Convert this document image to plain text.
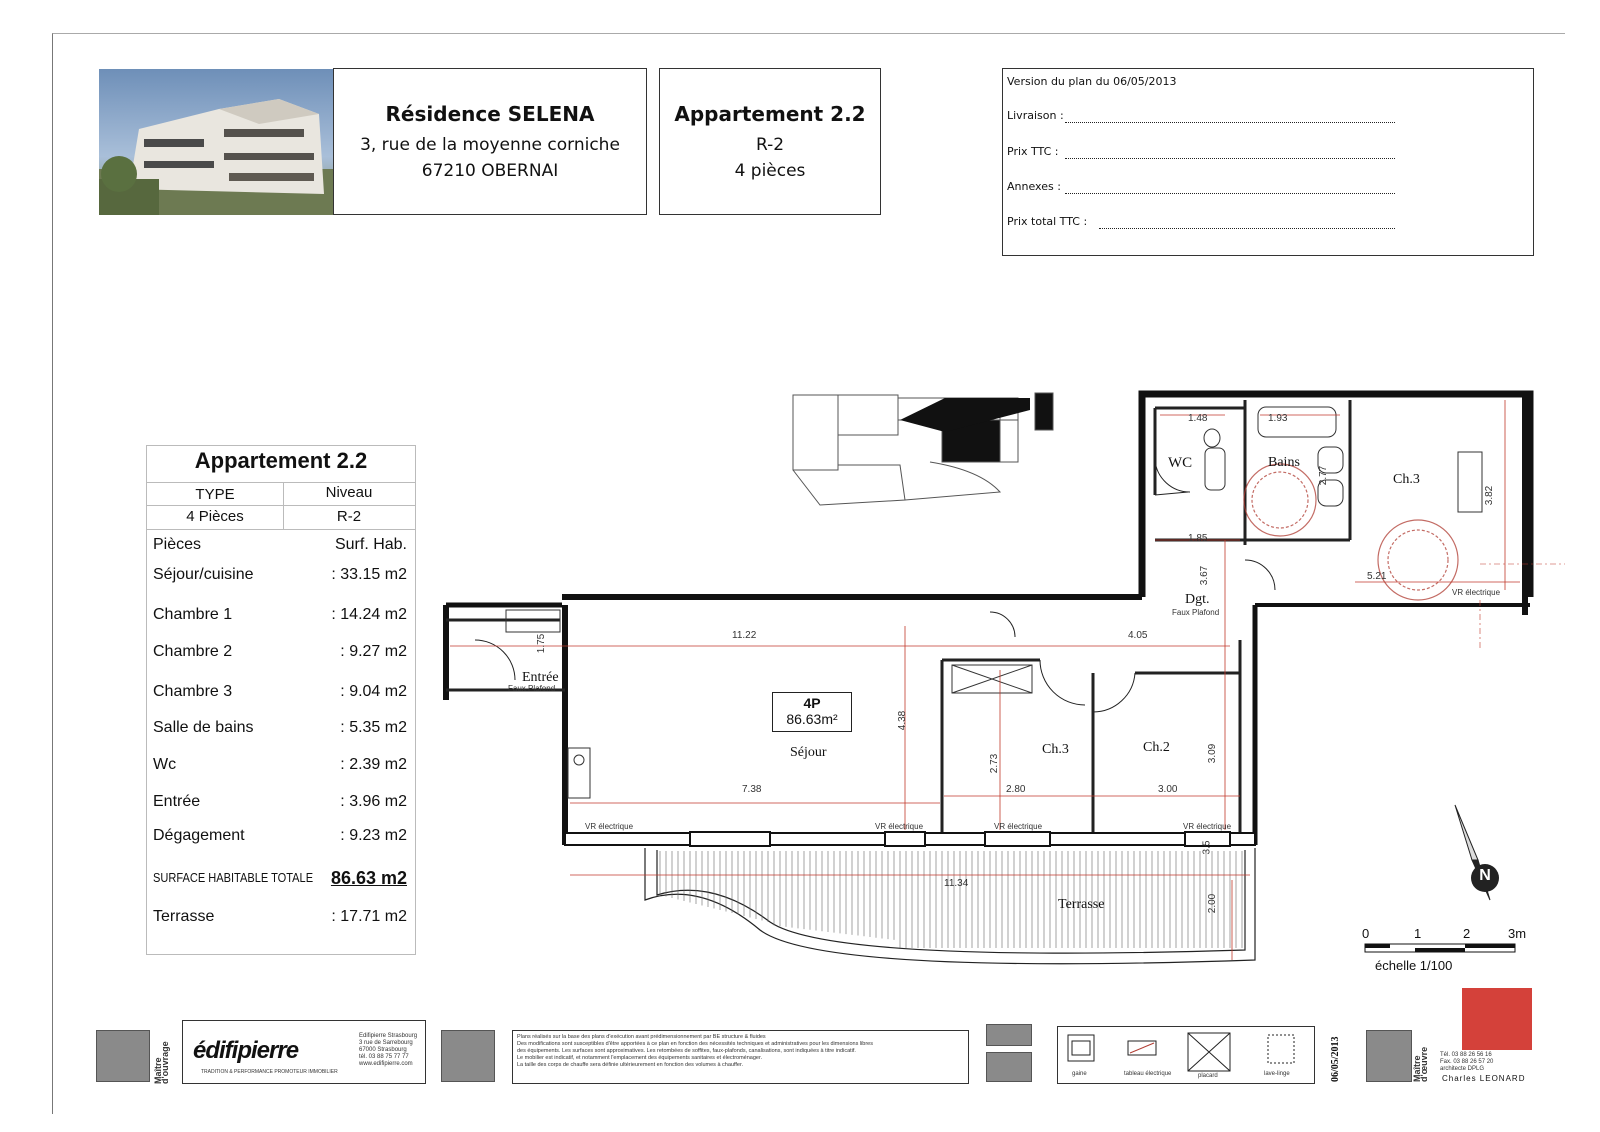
Résidence SELENA
3, rue de la moyenne corniche
67210 OBERNAI
Appartement 2.2
R-2
4 pièces
Version du plan du 06/05/2013
Livraison :
Prix TTC :
Annexes :
Prix total TTC :
Appartement 2.2
TYPE	Niveau
4 Pièces	R-2
Pièces	Surf. Hab.
Séjour/cuisine	: 33.15 m2
Chambre 1	: 14.24 m2
Chambre 2	: 9.27 m2
Chambre 3	: 9.04 m2
Salle de bains	: 5.35 m2
Wc	: 2.39 m2
Entrée	: 3.96 m2
Dégagement	: 9.23 m2
SURFACE HABITABLE TOTALE 86.63 m2
Terrasse	: 17.71 m2
WC	Bains
Ch.3
Dgt.
Faux Plafond
Entrée
Faux Plafond
Séjour	Ch.3	Ch.2
Terrasse
4P
86.63m²
1.48	1.93
1.85
3.67
2.77
3.82
5.21
11.22	4.05
1.75
4.38
2.73
3.09
7.38	2.80	3.00
11.34
2.00
3.5
VR électrique	VR électrique	VR électrique	VR électrique
VR électrique
N
0	1	2	3m
échelle 1/100
Maître d'ouvrage édifipierre
TRADITION & PERFORMANCE PROMOTEUR IMMOBILIER
Edifipierre Strasbourg
3 rue de Sarrebourg
67000 Strasbourg
tél. 03 88 75 77 77
www.edifipierre.com
Plans réalisés sur la base des plans d'exécution avant prédimensionnement par BE structure & fluides
Des modifications sont susceptibles d'être apportées à ce plan en fonction des nécessités techniques et administratives pour les dimensions libres
des équipements. Les surfaces sont approximatives. Les retombées de soffites, faux-plafonds, canalisations, sont indiquées à titre indicatif.
Le mobilier est indicatif, et notamment l'emplacement des équipements sanitaires et électroménager.
La taille des corps de chauffe sera définie ultérieurement en fonction des volumes à chauffer.
gaine	tableau électrique	placard	lave-linge	06/05/2013	Maître d'œuvre	Tél. 03 88 26 56 16
Fax. 03 88 26 57 20
architecte DPLG
Charles LEONARD
